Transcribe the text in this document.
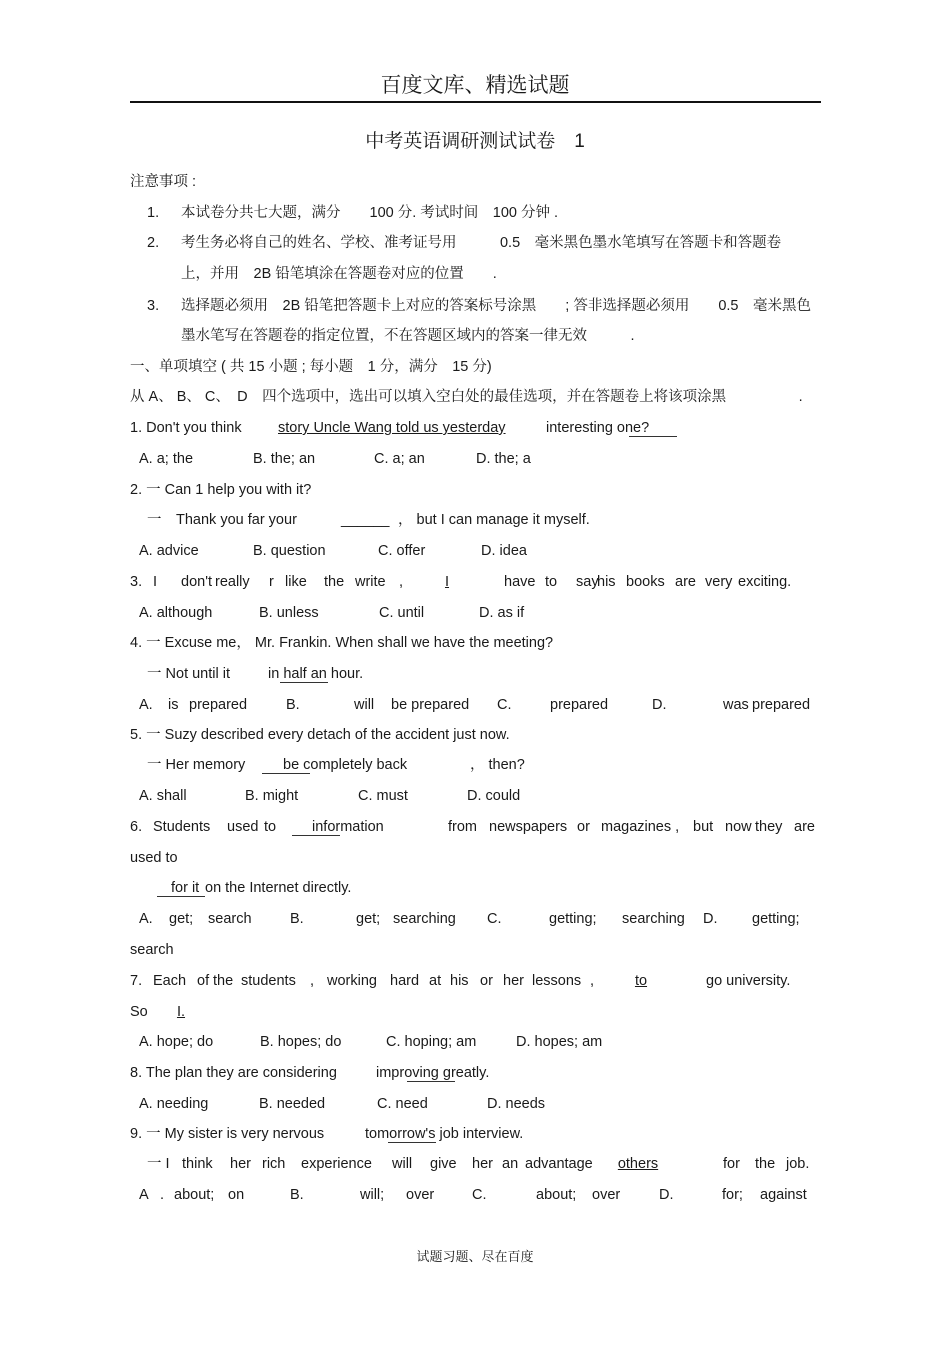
百度文库、精选试题
中考英语调研测试试卷　1
注意事项 :
1. 本试卷分共七大题，满分　　100 分. 考试时间　100 分钟 .
2. 考生务必将自己的姓名、学校、准考证号用　　　0.5　毫米黑色墨水笔填写在答题卡和答题卷
上，并用　2B 铅笔填涂在答题卷对应的位置　　.
3. 选择题必须用　2B 铅笔把答题卡上对应的答案标号涂黑　　; 答非选择题必须用　　0.5　毫米黑色
墨水笔写在答题卷的指定位置，不在答题区域内的答案一律无效　　　.
一、单项填空 ( 共 15 小题 ; 每小题　1 分，满分　15 分)
从 A、 B、 C、　D　四个选项中，选出可以填入空白处的最佳选项，并在答题卷上将该项涂黑　　　　　.
1. Don't you think	story Uncle Wang told us yesterday	interesting one?
A. a; the	B. the; an	C. a; an	D. the; a
2. 一 Can 1 help you with it?
一　Thank you far your	______ ， but I can manage it myself.
A. advice	B. question	C. offer	D. idea
3. I don't really r like the write ,	I	have to say
his books are very exciting.
A. although	B. unless	C. until	D. as if
4. 一 Excuse me， Mr. Frankin. When shall we have the meeting?
一 Not until it	in half an hour.
A. is prepared	B.	will be prepared C.	prepared	D.	was prepared
5. 一 Suzy described every detach of the accident just now.
一 Her memory	be completely back	， then?
A. shall	B. might	C. must	D. could
6. Students used to information	from newspapers or magazines , but now they are
used to
for it on the Internet directly.
A. get; search	B.	get; searching C.	getting; searching D. getting;
search
7. Each of the students , working hard at his or her lessons ,	to	go university.
So	I.
A. hope; do	B. hopes; do	C. hoping; am	D. hopes; am
8. The plan they are considering	improving greatly.
A. needing	B. needed	C. need	D. needs
9. 一 My sister is very nervous	tomorrow's job interview.
一 I think her rich experience will give her an advantage	others	for the job.
A . about; on	B.	will; over	C.	about; over	D.	for; against
试题习题、尽在百度
